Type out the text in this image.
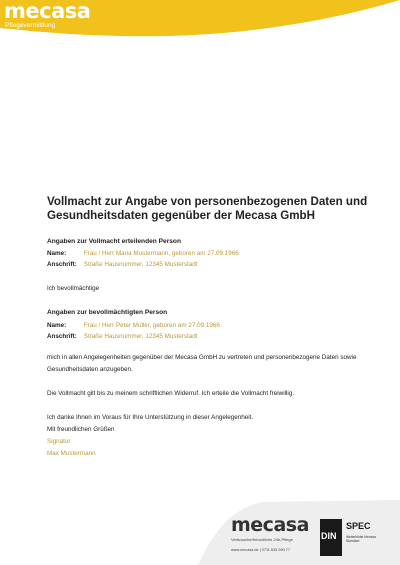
mecasa
Pflegevermittlung
Vollmacht zur Angabe von personenbezogenen Daten und Gesundheitsdaten gegenüber der Mecasa GmbH
Angaben zur Vollmacht erteilenden Person
Name:	Frau / Herr Maria Mustermann, geboren am 27.09.1966
Anschrift: Straße Hausnummer, 12345 Musterstadt
Ich bevollmächtige
Angaben zur bevollmächtigten Person
Name:	Frau / Herr Peter Müller, geboren am 27.09.1966
Anschrift: Straße Hausnummer, 12345 Musterstadt
mich in allen Angelegenheiten gegenüber der Mecasa GmbH zu vertreten und personenbezogene Daten sowie Gesundheitsdaten anzugeben.
Die Vollmacht gilt bis zu meinem schriftlichen Widerruf. Ich erteile die Vollmacht freiwillig.
Ich danke Ihnen im Voraus für Ihre Unterstützung in dieser Angelegenheit.
Mit freundlichen Grüßen
Signatur
Max Mustermann
mecasa
Verbraucherfreundliche 24h-Pflege
www.mecasa.de | 0711 633 990 77
DIN
SPEC
Weiterbildet Mecasa Standard
